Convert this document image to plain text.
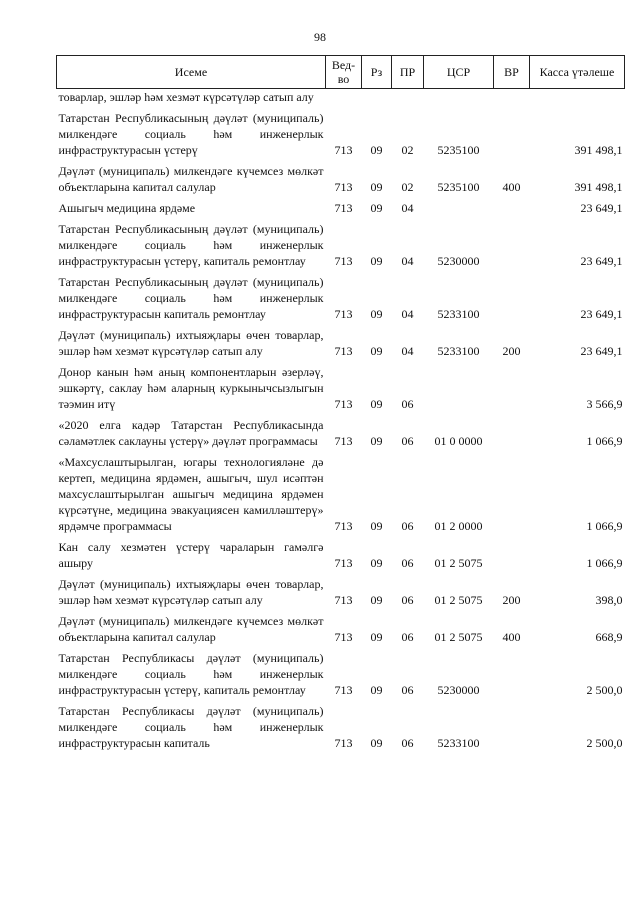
98
Исеме	Вед-во	Рз	ПР	ЦСР	ВР	Касса үтәлеше
товарлар, эшләр һәм хезмәт күрсәтүләр сатып алу						
Татарстан Республикасының дәүләт (муниципаль) милкендәге социаль һәм инженерлык инфраструктурасын үстерү	713	09	02	5235100		391 498,1
Дәүләт (муниципаль) милкендәге күчемсез мөлкәт объектларына капитал салулар	713	09	02	5235100	400	391 498,1
Ашыгыч медицина ярдәме	713	09	04			23 649,1
Татарстан Республикасының дәүләт (муниципаль) милкендәге социаль һәм инженерлык инфраструктурасын үстерү, капиталь ремонтлау	713	09	04	5230000		23 649,1
Татарстан Республикасының дәүләт (муниципаль) милкендәге социаль һәм инженерлык инфраструктурасын капиталь ремонтлау	713	09	04	5233100		23 649,1
Дәүләт (муниципаль) ихтыяҗлары өчен товарлар, эшләр һәм хезмәт күрсәтүләр сатып алу	713	09	04	5233100	200	23 649,1
Донор канын һәм аның компонентларын әзерләү, эшкәртү, саклау һәм аларның куркынычсызлыгын тәэмин итү	713	09	06			3 566,9
«2020 елга кадәр Татарстан Республикасында сәламәтлек саклауны үстерү» дәүләт программасы	713	09	06	01 0 0000		1 066,9
«Махсуслаштырылган, югары технологияләне дә кертеп, медицина ярдәмен, ашыгыч, шул исәптән махсуслаштырылган ашыгыч медицина ярдәмен күрсәтүне, медицина эвакуациясен камилләштерү» ярдәмче программасы	713	09	06	01 2 0000		1 066,9
Кан салу хезмәтен үстерү чараларын гамәлгә ашыру	713	09	06	01 2 5075		1 066,9
Дәүләт (муниципаль) ихтыяҗлары өчен товарлар, эшләр һәм хезмәт күрсәтүләр сатып алу	713	09	06	01 2 5075	200	398,0
Дәүләт (муниципаль) милкендәге күчемсез мөлкәт объектларына капитал салулар	713	09	06	01 2 5075	400	668,9
Татарстан Республикасы дәүләт (муниципаль) милкендәге социаль һәм инженерлык инфраструктурасын үстерү, капиталь ремонтлау	713	09	06	5230000		2 500,0
Татарстан Республикасы дәүләт (муниципаль) милкендәге социаль һәм инженерлык инфраструктурасын капиталь	713	09	06	5233100		2 500,0
